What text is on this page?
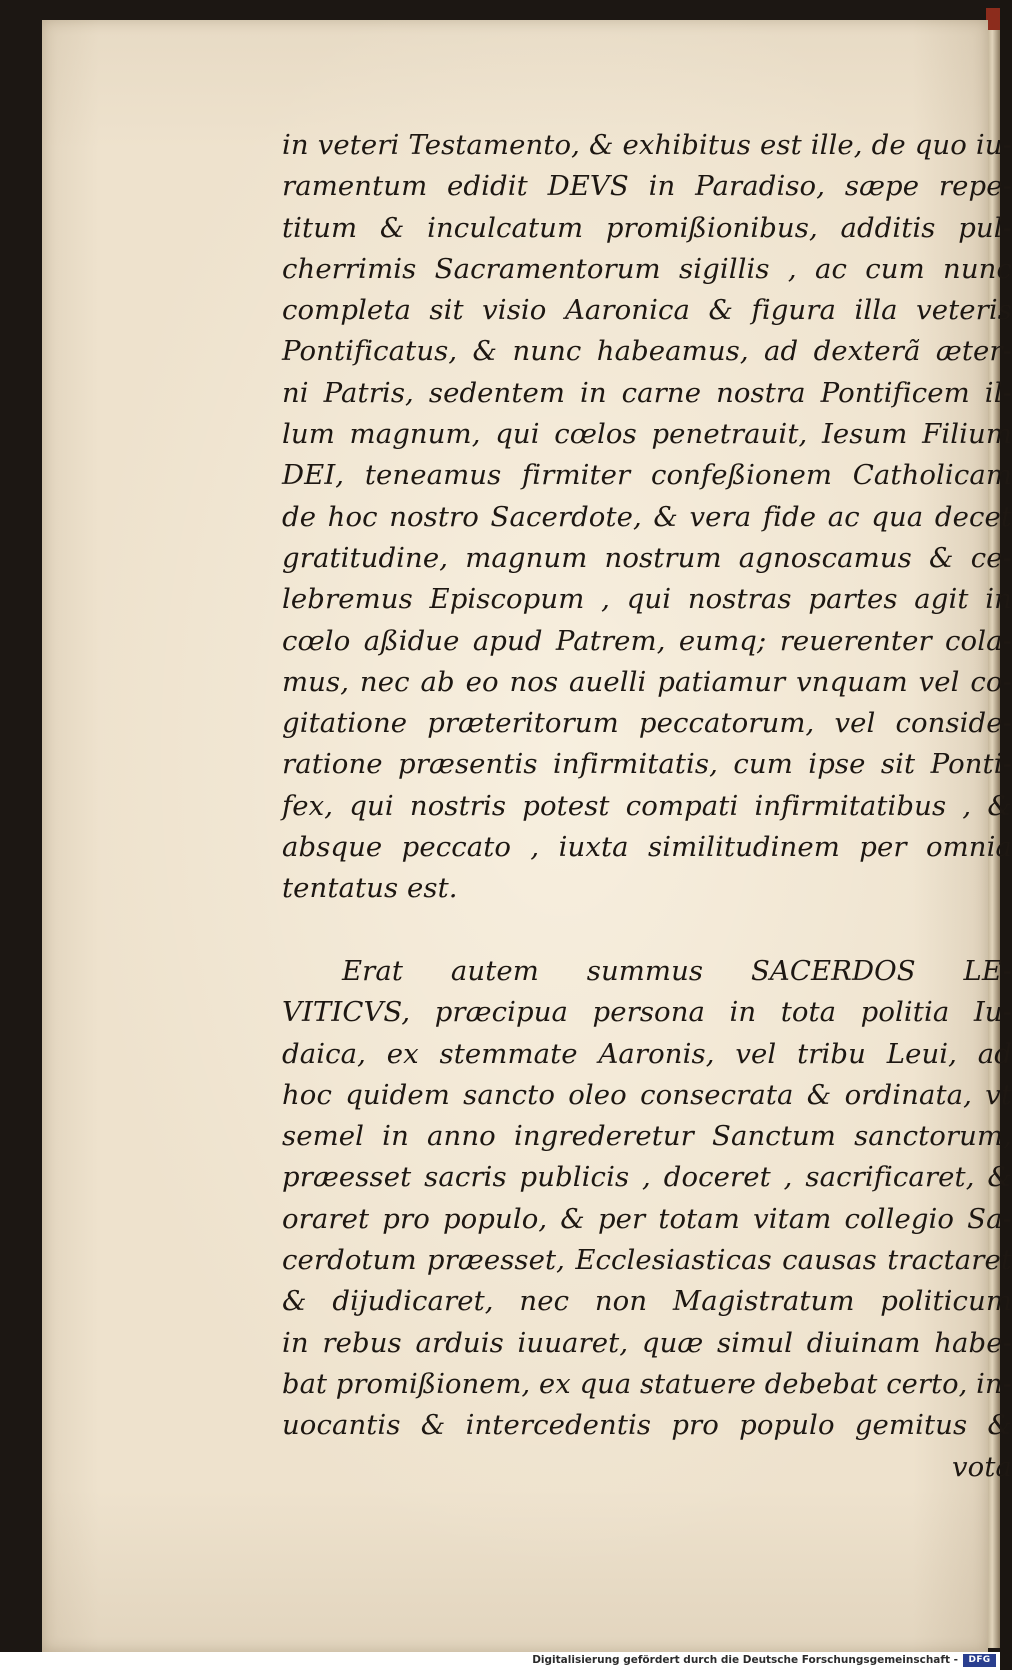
in veteri Testamento, & exhibitus est ille, de quo iu-
ramentum edidit DEVS in Paradiso, sæpe repe-
titum & inculcatum promißionibus, additis pul-
cherrimis Sacramentorum sigillis , ac cum nunc
completa sit visio Aaronica & figura illa veteris
Pontificatus, & nunc habeamus, ad dexterã æter-
ni Patris, sedentem in carne nostra Pontificem il-
lum magnum, qui cœlos penetrauit, Iesum Filium
DEI, teneamus firmiter confeßionem Catholicam
de hoc nostro Sacerdote, & vera fide ac qua decet
gratitudine, magnum nostrum agnoscamus & ce-
lebremus Episcopum , qui nostras partes agit in
cœlo aßidue apud Patrem, eumq; reuerenter cola-
mus, nec ab eo nos auelli patiamur vnquam vel co-
gitatione præteritorum peccatorum, vel conside-
ratione præsentis infirmitatis, cum ipse sit Ponti-
fex, qui nostris potest compati infirmitatibus , &
absque peccato , iuxta similitudinem per omnia
tentatus est.
Erat autem summus SACERDOS LE-
VITICVS, præcipua persona in tota politia Iu-
daica, ex stemmate Aaronis, vel tribu Leui, ad
hoc quidem sancto oleo consecrata & ordinata, vt
semel in anno ingrederetur Sanctum sanctorum,
præesset sacris publicis , doceret , sacrificaret, &
oraret pro populo, & per totam vitam collegio Sa-
cerdotum præesset, Ecclesiasticas causas tractaret
& dijudicaret, nec non Magistratum politicum
in rebus arduis iuuaret, quæ simul diuinam habe-
bat promißionem, ex qua statuere debebat certo, in-
uocantis & intercedentis pro populo gemitus &
vota
Digitalisierung gefördert durch die Deutsche Forschungsgemeinschaft -	DFG
